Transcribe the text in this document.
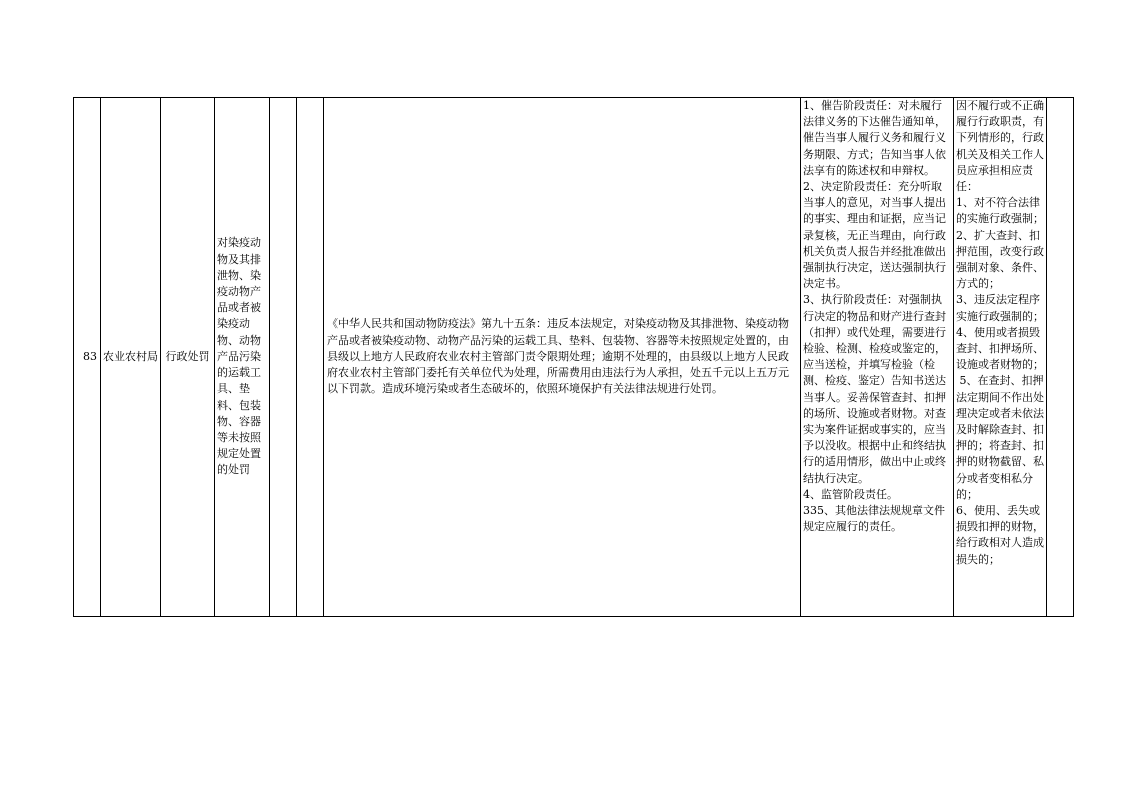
83	农业农村局	行政处罚	对染疫动物及其排泄物、染疫动物产品或者被染疫动物、动物产品污染的运载工具、垫料、包装物、容器等未按照规定处置的处罚			《中华人民共和国动物防疫法》第九十五条：违反本法规定，对染疫动物及其排泄物、染疫动物产品或者被染疫动物、动物产品污染的运载工具、垫料、包装物、容器等未按照规定处置的，由县级以上地方人民政府农业农村主管部门责令限期处理；逾期不处理的，由县级以上地方人民政府农业农村主管部门委托有关单位代为处理，所需费用由违法行为人承担，处五千元以上五万元以下罚款。造成环境污染或者生态破坏的，依照环境保护有关法律法规进行处罚。	1、催告阶段责任：对未履行法律义务的下达催告通知单，催告当事人履行义务和履行义务期限、方式；告知当事人依法享有的陈述权和申辩权。
2、决定阶段责任：充分听取当事人的意见，对当事人提出的事实、理由和证据，应当记录复核，无正当理由，向行政机关负责人报告并经批准做出强制执行决定，送达强制执行决定书。
3、执行阶段责任：对强制执行决定的物品和财产进行查封（扣押）或代处理，需要进行检验、检测、检疫或鉴定的，应当送检，并填写检验（检测、检疫、鉴定）告知书送达当事人。妥善保管查封、扣押的场所、设施或者财物。对查实为案件证据或事实的，应当予以没收。根据中止和终结执行的适用情形，做出中止或终结执行决定。
4、监管阶段责任。
335、其他法律法规规章文件规定应履行的责任。	因不履行或不正确履行行政职责，有下列情形的，行政机关及相关工作人员应承担相应责任：
1、对不符合法律的实施行政强制；
2、扩大查封、扣押范围，改变行政强制对象、条件、方式的；
3、违反法定程序实施行政强制的；
4、使用或者损毁查封、扣押场所、设施或者财物的；
5、在查封、扣押法定期间不作出处理决定或者未依法及时解除查封、扣押的；将查封、扣押的财物截留、私分或者变相私分的；
6、使用、丢失或损毁扣押的财物，给行政相对人造成损失的；	
